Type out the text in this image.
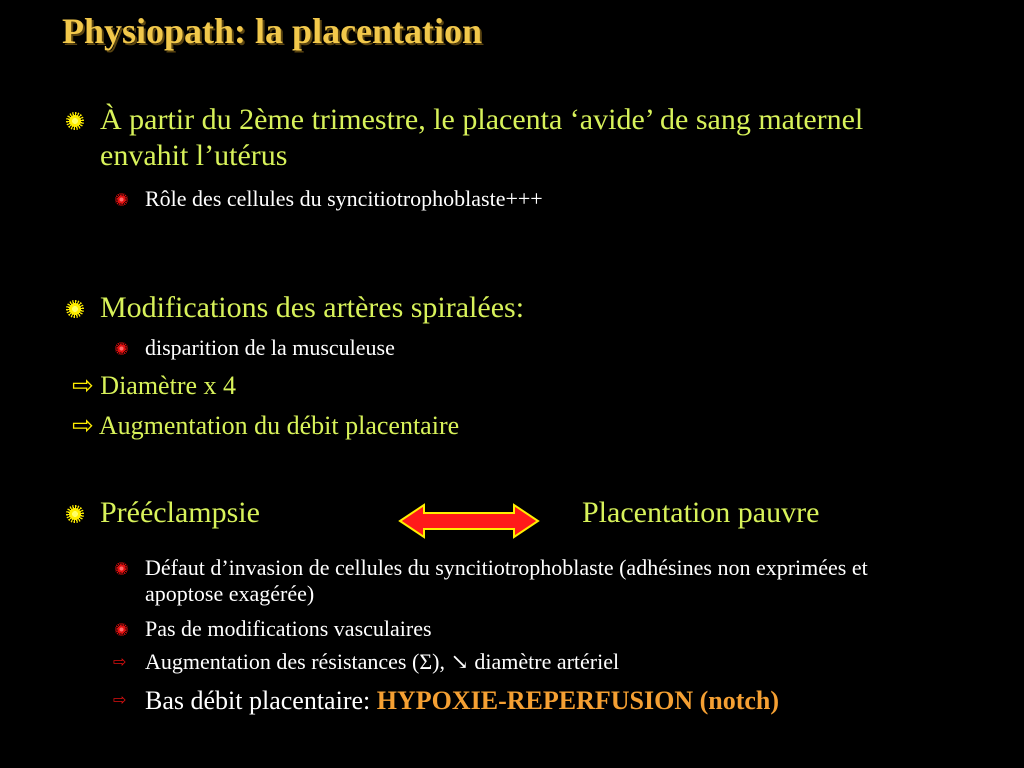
Physiopath: la placentation
À partir du 2ème trimestre, le placenta ‘avide’ de sang maternel envahit l’utérus
Rôle des cellules du syncitiotrophoblaste+++
Modifications des artères spiralées:
disparition de la musculeuse
⇨ Diamètre x 4
⇨ Augmentation du débit placentaire
Prééclampsie	Placentation pauvre
Défaut d’invasion de cellules du syncitiotrophoblaste (adhésines non exprimées et apoptose exagérée)
Pas de modifications vasculaires
⇨ Augmentation des résistances (Σ), ↘ diamètre artériel
⇨ Bas débit placentaire: HYPOXIE-REPERFUSION (notch)
